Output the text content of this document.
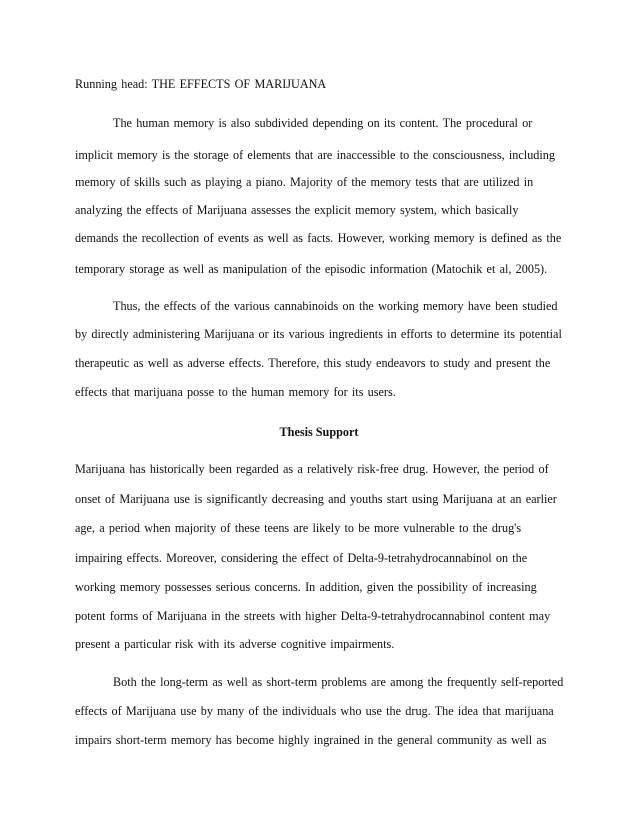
Running head: THE EFFECTS OF MARIJUANA
The human memory is also subdivided depending on its content. The procedural or
implicit memory is the storage of elements that are inaccessible to the consciousness, including
memory of skills such as playing a piano. Majority of the memory tests that are utilized in
analyzing the effects of Marijuana assesses the explicit memory system, which basically
demands the recollection of events as well as facts. However, working memory is defined as the
temporary storage as well as manipulation of the episodic information (Matochik et al, 2005).
Thus, the effects of the various cannabinoids on the working memory have been studied
by directly administering Marijuana or its various ingredients in efforts to determine its potential
therapeutic as well as adverse effects. Therefore, this study endeavors to study and present the
effects that marijuana posse to the human memory for its users.
Thesis Support
Marijuana has historically been regarded as a relatively risk-free drug. However, the period of
onset of Marijuana use is significantly decreasing and youths start using Marijuana at an earlier
age, a period when majority of these teens are likely to be more vulnerable to the drug's
impairing effects. Moreover, considering the effect of Delta-9-tetrahydrocannabinol on the
working memory possesses serious concerns. In addition, given the possibility of increasing
potent forms of Marijuana in the streets with higher Delta-9-tetrahydrocannabinol content may
present a particular risk with its adverse cognitive impairments.
Both the long-term as well as short-term problems are among the frequently self-reported
effects of Marijuana use by many of the individuals who use the drug. The idea that marijuana
impairs short-term memory has become highly ingrained in the general community as well as
